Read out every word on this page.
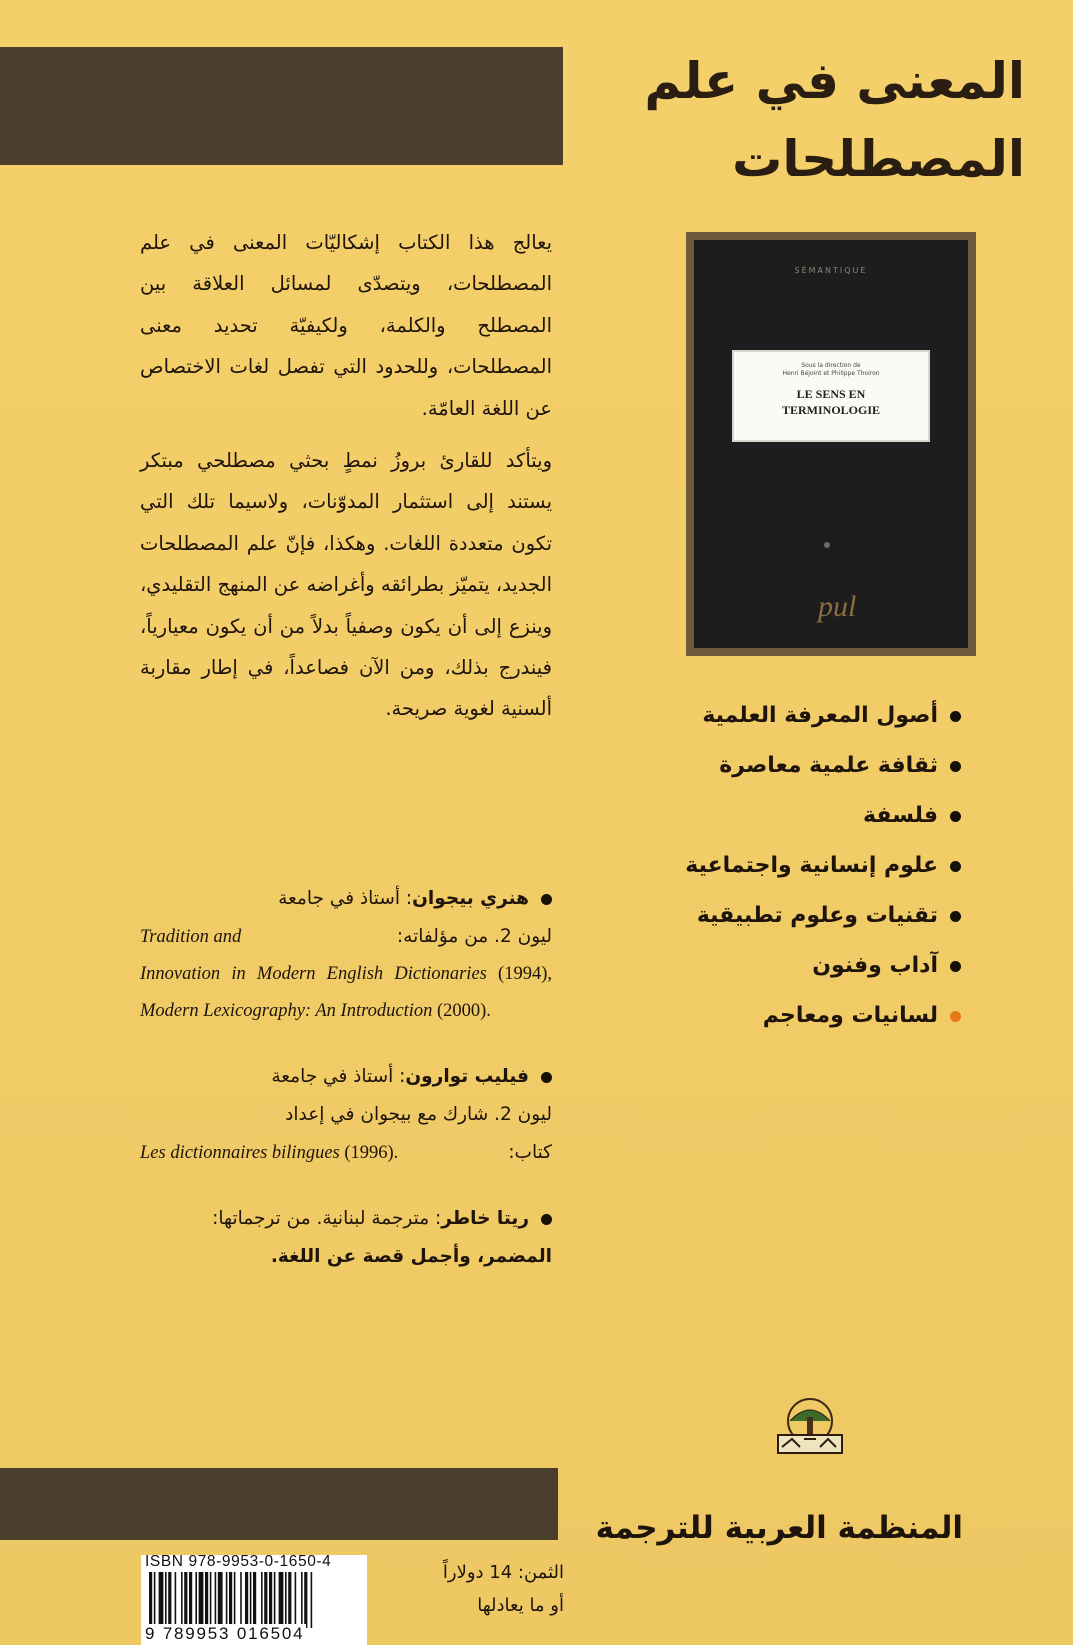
المعنى في علم
المصطلحات
SÉMANTIQUE
Sous la direction de
Henri Béjoint et Philippe Thoiron
LE SENS EN
TERMINOLOGIE
pul
أصول المعرفة العلمية
ثقافة علمية معاصرة
فلسفة
علوم إنسانية واجتماعية
تقنيات وعلوم تطبيقية
آداب وفنون
لسانيات ومعاجم

يعالج هذا الكتاب إشكاليّات المعنى في علم المصطلحات، ويتصدّى لمسائل العلاقة بين المصطلح والكلمة، ولكيفيّة تحديد معنى المصطلحات، وللحدود التي تفصل لغات الاختصاص عن اللغة العامّة.

ويتأكد للقارئ بروزُ نمطٍ بحثي مصطلحي مبتكر يستند إلى استثمار المدوّنات، ولاسيما تلك التي تكون متعددة اللغات. وهكذا، فإنّ علم المصطلحات الجديد، يتميّز بطرائقه وأغراضه عن المنهج التقليدي، وينزع إلى أن يكون وصفياً بدلاً من أن يكون معيارياً، فيندرج بذلك، ومن الآن فصاعداً، في إطار مقاربة ألسنية لغوية صريحة.

هنري بيجوان: أستاذ في جامعة
Tradition and	ليون 2. من مؤلفاته:
Innovation in Modern English Dictionaries (1994), Modern Lexicography: An Introduction (2000).
فيليب توارون: أستاذ في جامعة
ليون 2. شارك مع بيجوان في إعداد
Les dictionnaires bilingues (1996).	كتاب:
ريتا خاطر: مترجمة لبنانية. من ترجماتها: المضمر، وأجمل قصة عن اللغة.
المنظمة العربية للترجمة
ISBN 978-9953-0-1650-4
9 789953 016504
الثمن: 14 دولاراً
أو ما يعادلها
